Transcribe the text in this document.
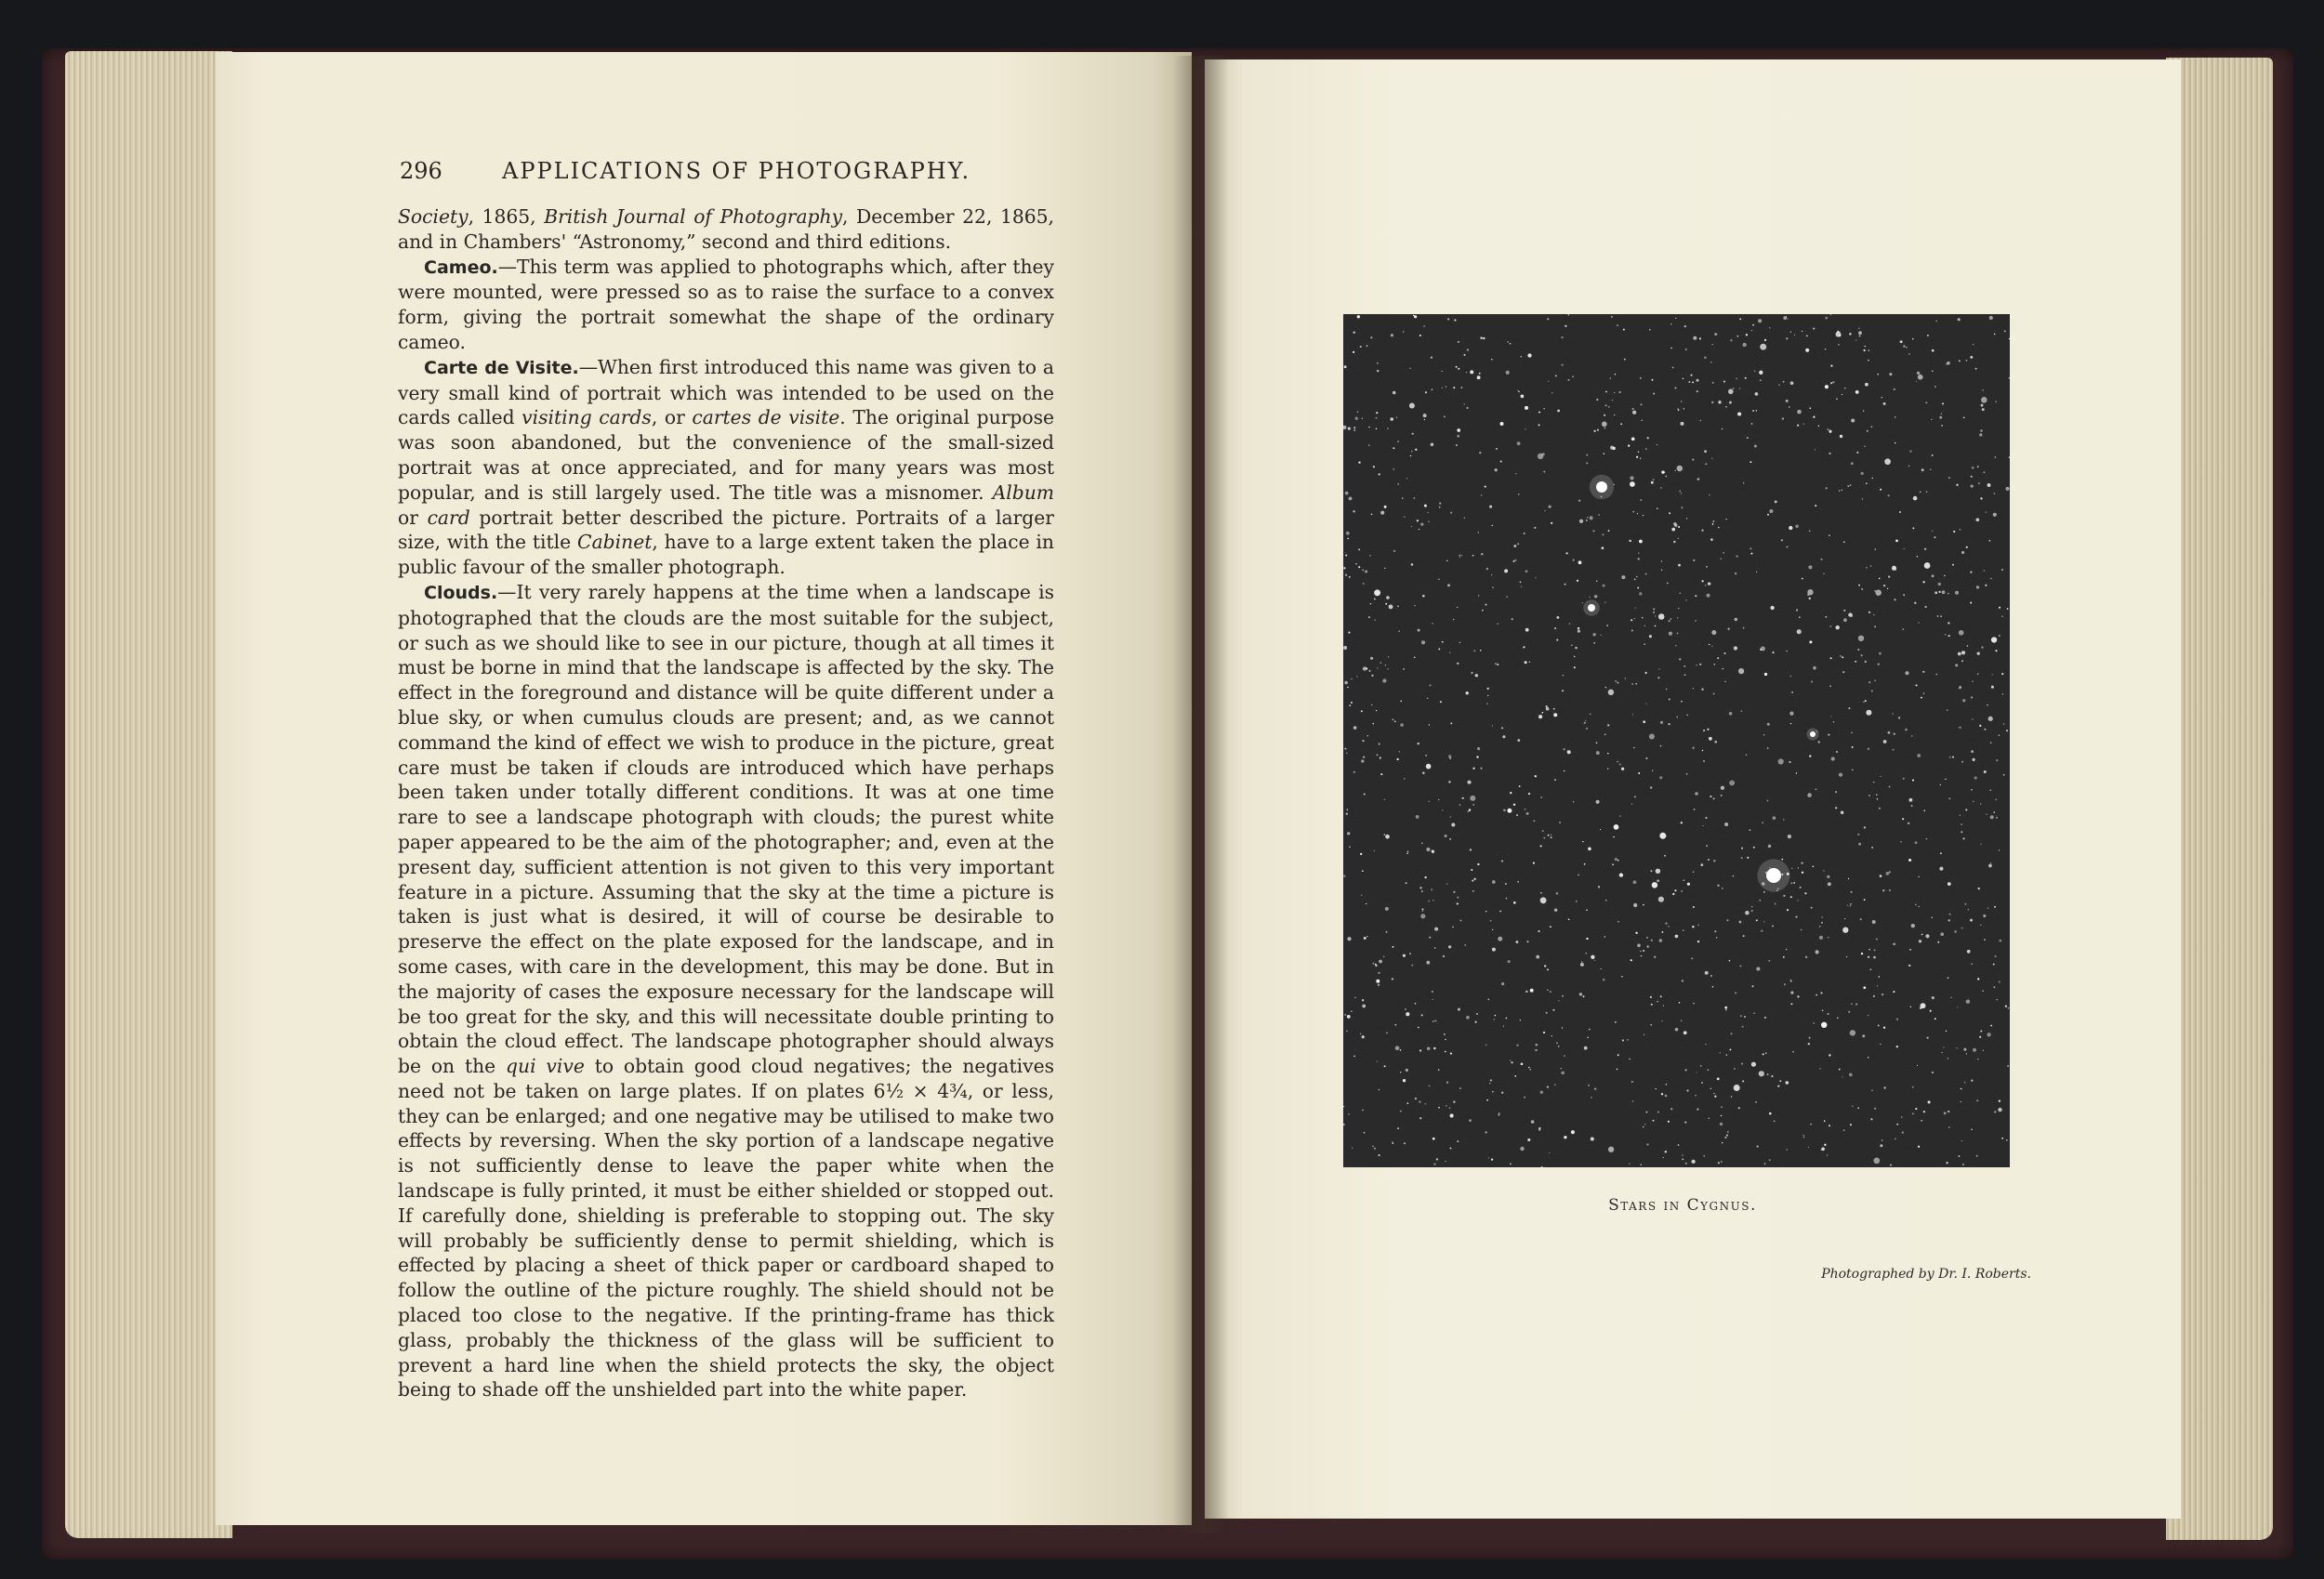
296	APPLICATIONS OF PHOTOGRAPHY.

Society, 1865, British Journal of Photography, December 22, 1865, and in Chambers' “Astronomy,” second and third editions.

Cameo.—This term was applied to photographs which, after they were mounted, were pressed so as to raise the surface to a convex form, giving the portrait somewhat the shape of the ordinary cameo.

Carte de Visite.—When first introduced this name was given to a very small kind of portrait which was intended to be used on the cards called visiting cards, or cartes de visite. The original purpose was soon abandoned, but the convenience of the small-sized portrait was at once appreciated, and for many years was most popular, and is still largely used. The title was a misnomer. Album or card portrait better described the picture. Portraits of a larger size, with the title Cabinet, have to a large extent taken the place in public favour of the smaller photograph.

Clouds.—It very rarely happens at the time when a landscape is photographed that the clouds are the most suitable for the subject, or such as we should like to see in our picture, though at all times it must be borne in mind that the landscape is affected by the sky. The effect in the foreground and distance will be quite different under a blue sky, or when cumulus clouds are present; and, as we cannot command the kind of effect we wish to produce in the picture, great care must be taken if clouds are introduced which have perhaps been taken under totally different conditions. It was at one time rare to see a landscape photograph with clouds; the purest white paper appeared to be the aim of the photographer; and, even at the present day, sufficient attention is not given to this very important feature in a picture. Assuming that the sky at the time a picture is taken is just what is desired, it will of course be desirable to preserve the effect on the plate exposed for the landscape, and in some cases, with care in the development, this may be done. But in the majority of cases the exposure necessary for the landscape will be too great for the sky, and this will necessitate double printing to obtain the cloud effect. The landscape photographer should always be on the qui vive to obtain good cloud negatives; the negatives need not be taken on large plates. If on plates 6½ × 4¾, or less, they can be enlarged; and one negative may be utilised to make two effects by reversing. When the sky portion of a landscape negative is not sufficiently dense to leave the paper white when the landscape is fully printed, it must be either shielded or stopped out. If carefully done, shielding is preferable to stopping out. The sky will probably be sufficiently dense to permit shielding, which is effected by placing a sheet of thick paper or cardboard shaped to follow the outline of the picture roughly. The shield should not be placed too close to the negative. If the printing-frame has thick glass, probably the thickness of the glass will be sufficient to prevent a hard line when the shield protects the sky, the object being to shade off the unshielded part into the white paper.

Stars in Cygnus.
Photographed by Dr. I. Roberts.
